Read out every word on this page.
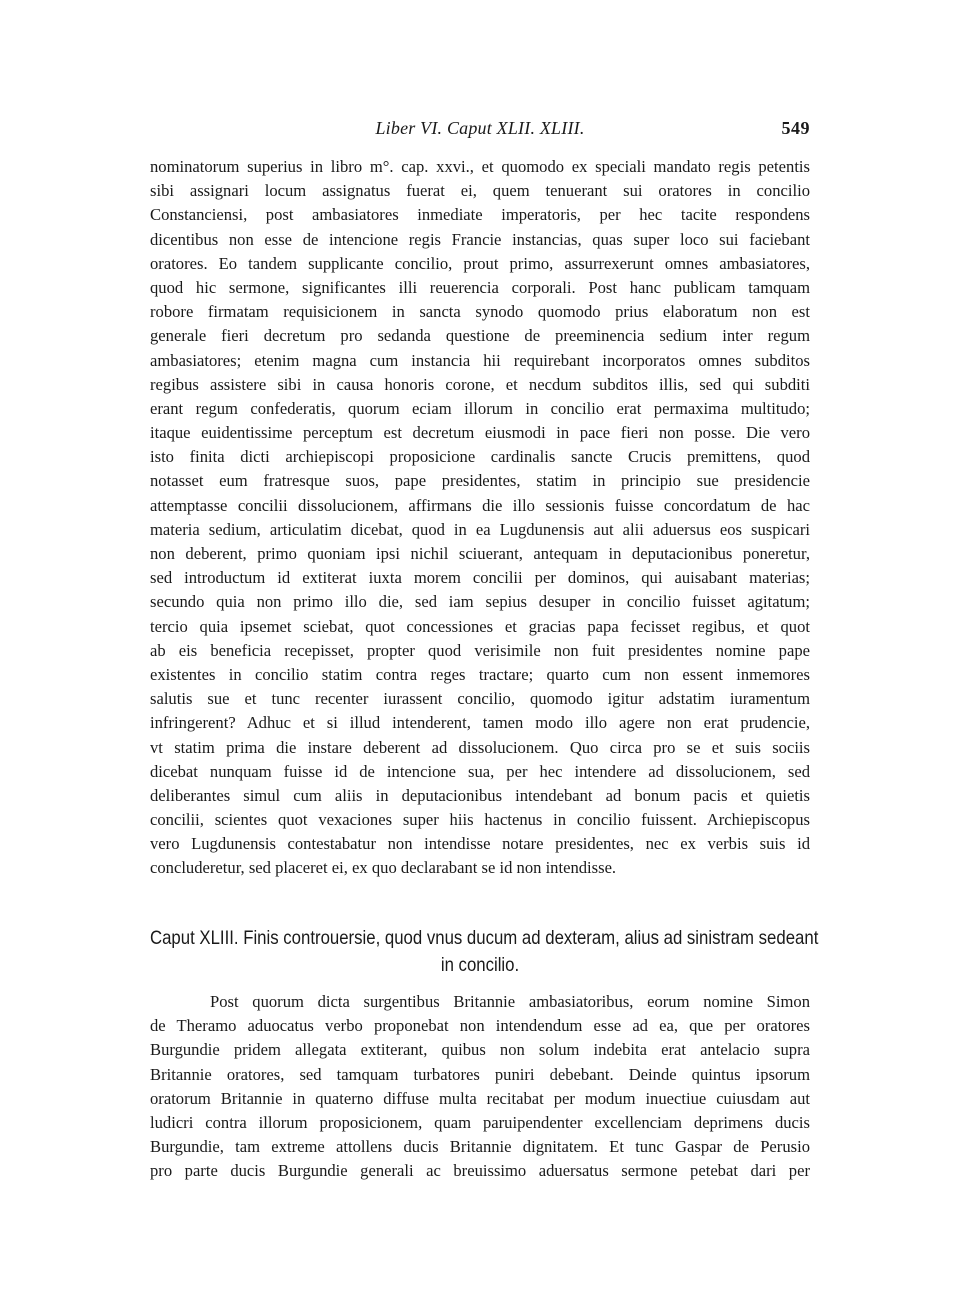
Liber VI. Caput XLII. XLIII.	549
nominatorum superius in libro m°. cap. xxvi., et quomodo ex speciali mandato regis petentis
sibi assignari locum assignatus fuerat ei, quem tenuerant sui oratores in concilio
Constanciensi, post ambasiatores inmediate imperatoris, per hec tacite respondens
dicentibus non esse de intencione regis Francie instancias, quas super loco sui faciebant
oratores. Eo tandem supplicante concilio, prout primo, assurrexerunt omnes ambasiatores,
quod hic sermone, significantes illi reuerencia corporali. Post hanc publicam tamquam
robore firmatam requisicionem in sancta synodo quomodo prius elaboratum non est
generale fieri decretum pro sedanda questione de preeminencia sedium inter regum
ambasiatores; etenim magna cum instancia hii requirebant incorporatos omnes subditos
regibus assistere sibi in causa honoris corone, et necdum subditos illis, sed qui subditi
erant regum confederatis, quorum eciam illorum in concilio erat permaxima multitudo;
itaque euidentissime perceptum est decretum eiusmodi in pace fieri non posse. Die vero
isto finita dicti archiepiscopi proposicione cardinalis sancte Crucis premittens, quod
notasset eum fratresque suos, pape presidentes, statim in principio sue presidencie
attemptasse concilii dissolucionem, affirmans die illo sessionis fuisse concordatum de hac
materia sedium, articulatim dicebat, quod in ea Lugdunensis aut alii aduersus eos suspicari
non deberent, primo quoniam ipsi nichil sciuerant, antequam in deputacionibus poneretur,
sed introductum id extiterat iuxta morem concilii per dominos, qui auisabant materias;
secundo quia non primo illo die, sed iam sepius desuper in concilio fuisset agitatum;
tercio quia ipsemet sciebat, quot concessiones et gracias papa fecisset regibus, et quot
ab eis beneficia recepisset, propter quod verisimile non fuit presidentes nomine pape
existentes in concilio statim contra reges tractare; quarto cum non essent inmemores
salutis sue et tunc recenter iurassent concilio, quomodo igitur adstatim iuramentum
infringerent? Adhuc et si illud intenderent, tamen modo illo agere non erat prudencie,
vt statim prima die instare deberent ad dissolucionem. Quo circa pro se et suis sociis
dicebat nunquam fuisse id de intencione sua, per hec intendere ad dissolucionem, sed
deliberantes simul cum aliis in deputacionibus intendebant ad bonum pacis et quietis
concilii, scientes quot vexaciones super hiis hactenus in concilio fuissent. Archiepiscopus
vero Lugdunensis contestabatur non intendisse notare presidentes, nec ex verbis suis id
concluderetur, sed placeret ei, ex quo declarabant se id non intendisse.
Caput XLIII. Finis controuersie, quod vnus ducum ad dexteram, alius ad sinistram sedeant
in concilio.
Post quorum dicta surgentibus Britannie ambasiatoribus, eorum nomine Simon
de Theramo aduocatus verbo proponebat non intendendum esse ad ea, que per oratores
Burgundie pridem allegata extiterant, quibus non solum indebita erat antelacio supra
Britannie oratores, sed tamquam turbatores puniri debebant. Deinde quintus ipsorum
oratorum Britannie in quaterno diffuse multa recitabat per modum inuectiue cuiusdam aut
ludicri contra illorum proposicionem, quam paruipendenter excellenciam deprimens ducis
Burgundie, tam extreme attollens ducis Britannie dignitatem. Et tunc Gaspar de Perusio
pro parte ducis Burgundie generali ac breuissimo aduersatus sermone petebat dari per
